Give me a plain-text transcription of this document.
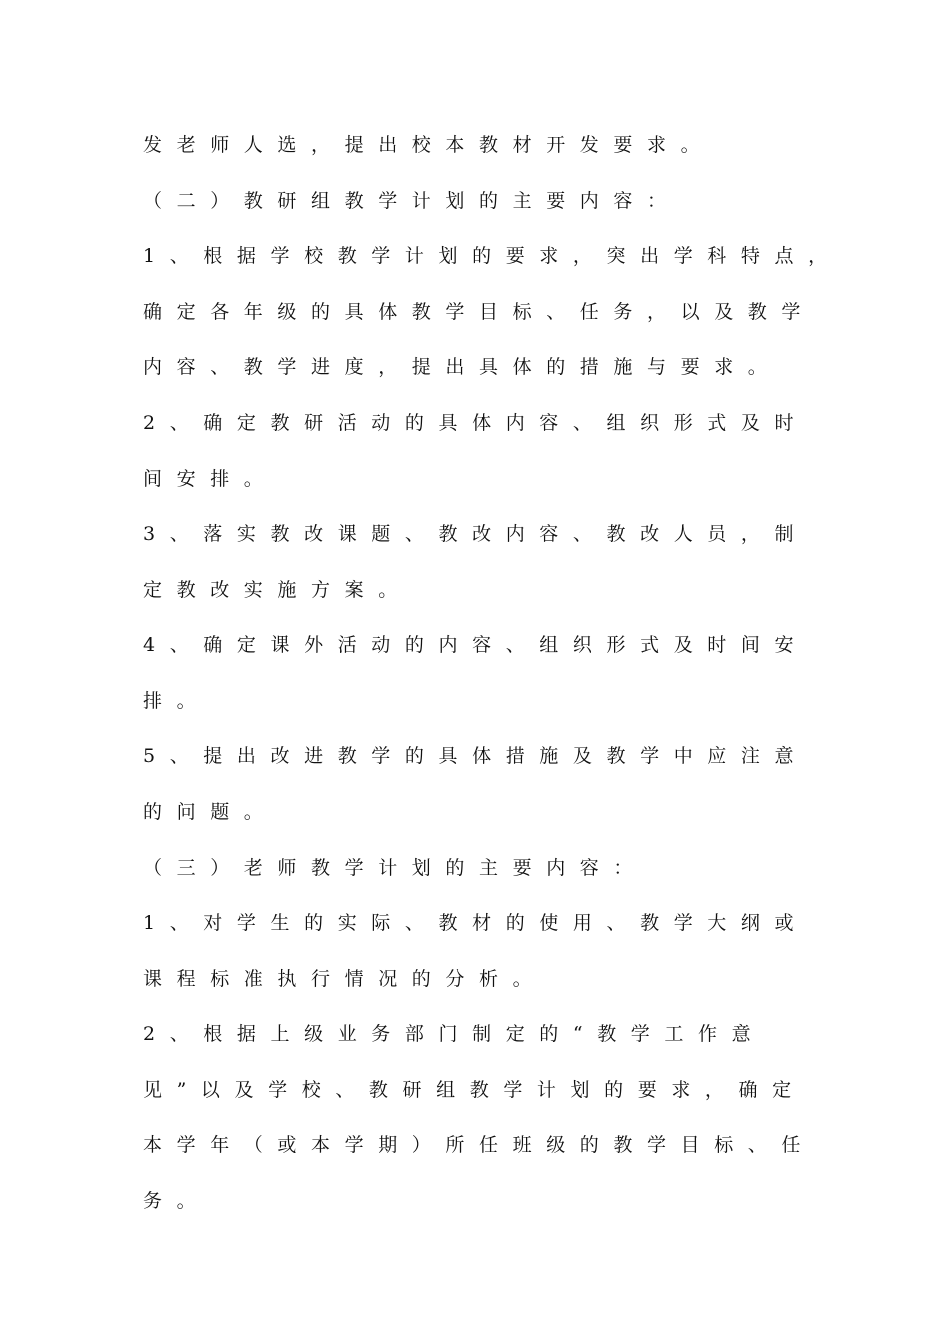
发老师人选，提出校本教材开发要求。
（二）教研组教学计划的主要内容：
1、根据学校教学计划的要求，突出学科特点，
确定各年级的具体教学目标、任务，以及教学
内容、教学进度，提出具体的措施与要求。
2、确定教研活动的具体内容、组织形式及时
间安排。
3、落实教改课题、教改内容、教改人员，制
定教改实施方案。
4、确定课外活动的内容、组织形式及时间安
排。
5、提出改进教学的具体措施及教学中应注意
的问题。
（三）老师教学计划的主要内容：
1、对学生的实际、教材的使用、教学大纲或
课程标准执行情况的分析。
2、根据上级业务部门制定的“教学工作意
见”以及学校、教研组教学计划的要求，确定
本学年（或本学期）所任班级的教学目标、任
务。
